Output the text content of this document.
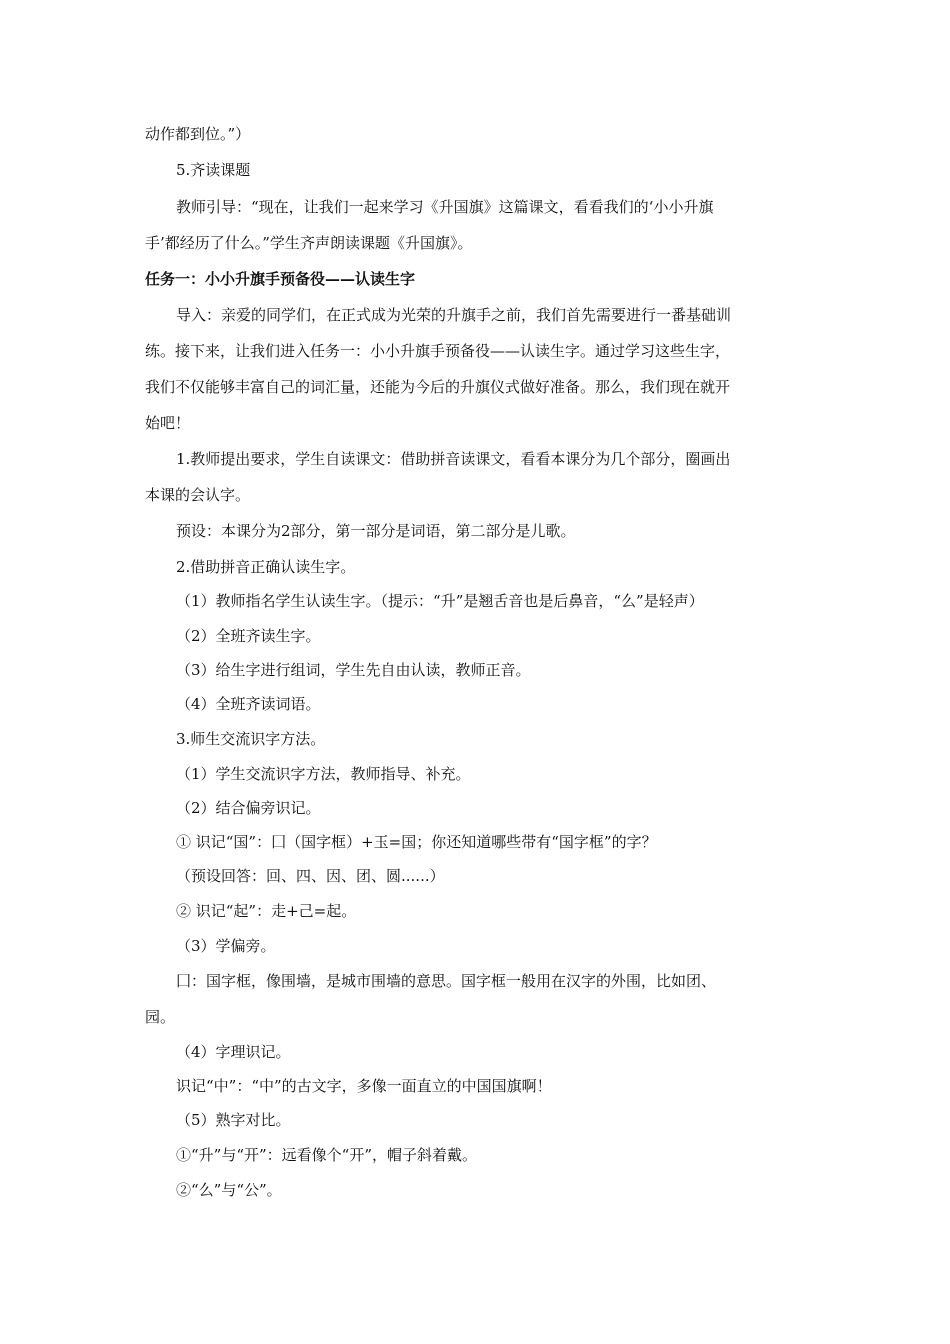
动作都到位。”）
5.齐读课题
教师引导：“现在，让我们一起来学习《升国旗》这篇课文，看看我们的‘小小升旗
手’都经历了什么。”学生齐声朗读课题《升国旗》。
任务一：小小升旗手预备役——认读生字
导入：亲爱的同学们，在正式成为光荣的升旗手之前，我们首先需要进行一番基础训
练。接下来，让我们进入任务一：小小升旗手预备役——认读生字。通过学习这些生字，
我们不仅能够丰富自己的词汇量，还能为今后的升旗仪式做好准备。那么，我们现在就开
始吧！
1.教师提出要求，学生自读课文：借助拼音读课文，看看本课分为几个部分，圈画出
本课的会认字。
预设：本课分为2部分，第一部分是词语，第二部分是儿歌。
2.借助拼音正确认读生字。
（1）教师指名学生认读生字。（提示：“升”是翘舌音也是后鼻音，“么”是轻声）
（2）全班齐读生字。
（3）给生字进行组词，学生先自由认读，教师正音。
（4）全班齐读词语。
3.师生交流识字方法。
（1）学生交流识字方法，教师指导、补充。
（2）结合偏旁识记。
① 识记“国”：囗（国字框）+玉=国；你还知道哪些带有“国字框”的字？
（预设回答：回、四、因、团、圆......）
② 识记“起”：走+己=起。
（3）学偏旁。
囗：国字框，像围墙，是城市围墙的意思。国字框一般用在汉字的外围，比如团、
园。
（4）字理识记。
识记“中”：“中”的古文字，多像一面直立的中国国旗啊！
（5）熟字对比。
①“升”与“开”：远看像个“开”，帽子斜着戴。
②“么”与“公”。
